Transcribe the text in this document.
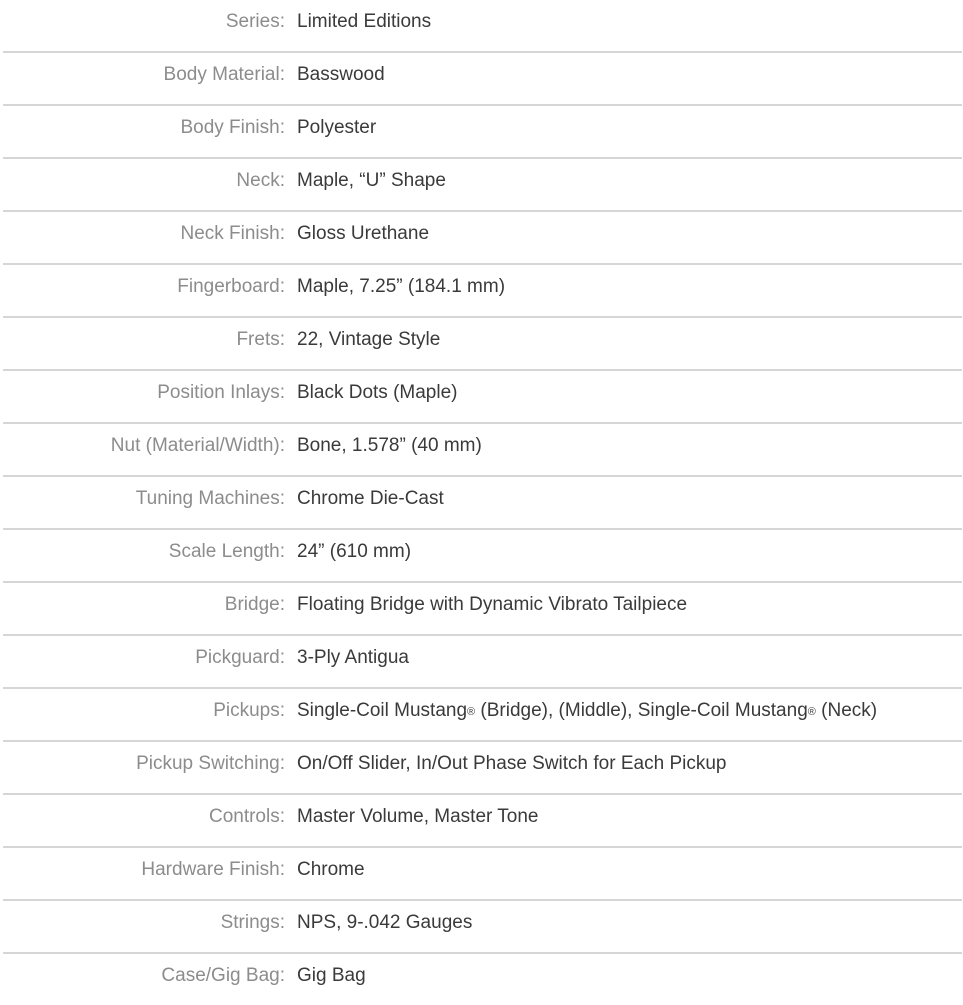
Series: Limited Editions
Body Material: Basswood
Body Finish: Polyester
Neck: Maple, “U” Shape
Neck Finish: Gloss Urethane
Fingerboard: Maple, 7.25” (184.1 mm)
Frets: 22, Vintage Style
Position Inlays: Black Dots (Maple)
Nut (Material/Width): Bone, 1.578” (40 mm)
Tuning Machines: Chrome Die-Cast
Scale Length: 24” (610 mm)
Bridge: Floating Bridge with Dynamic Vibrato Tailpiece
Pickguard: 3-Ply Antigua
Pickups: Single-Coil Mustang® (Bridge), (Middle), Single-Coil Mustang® (Neck)
Pickup Switching: On/Off Slider, In/Out Phase Switch for Each Pickup
Controls: Master Volume, Master Tone
Hardware Finish: Chrome
Strings: NPS, 9-.042 Gauges
Case/Gig Bag: Gig Bag
